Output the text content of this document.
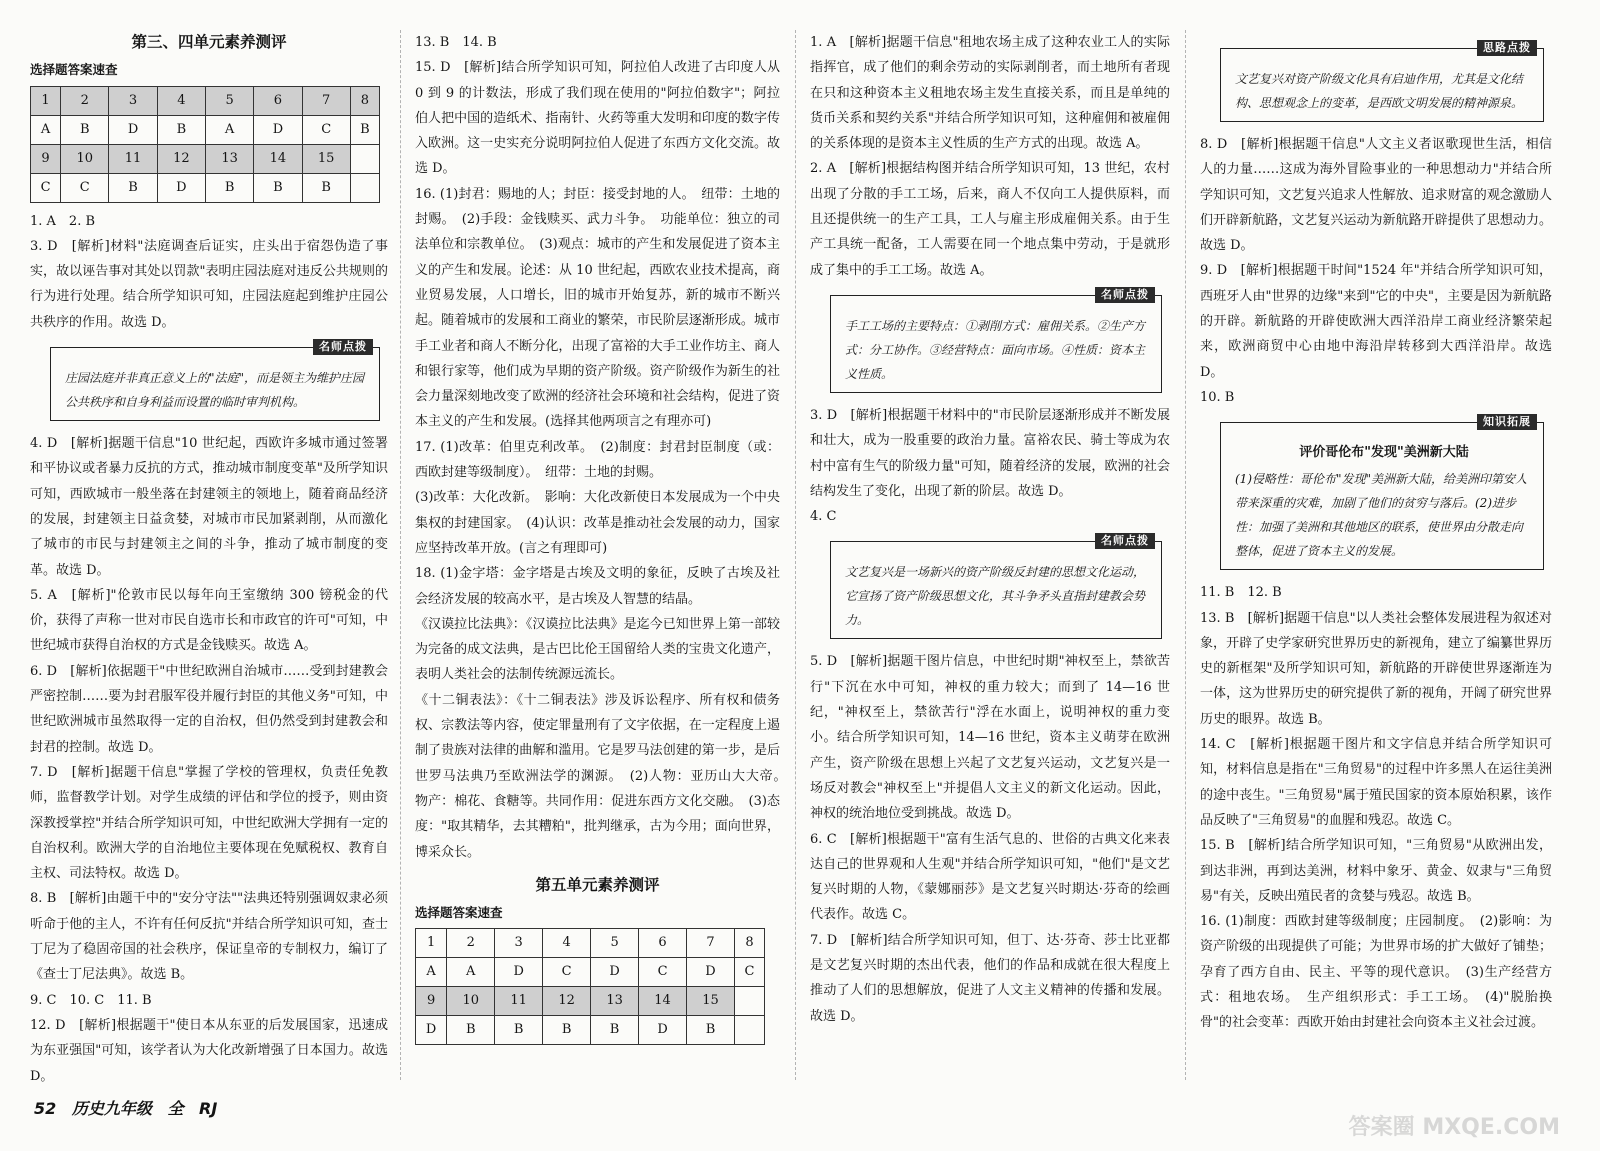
第三、四单元素养测评
选择题答案速查
1	2	3	4	5	6	7	8
A	B	D	B	A	D	C	B
9	10	11	12	13	14	15	
C	C	B	D	B	B	B	

1. A　2. B

3. D　[解析]材料"法庭调查后证实，庄头出于宿怨伪造了事实，故以诬告事对其处以罚款"表明庄园法庭对违反公共规则的行为进行处理。结合所学知识可知，庄园法庭起到维护庄园公共秩序的作用。故选 D。

名师点拨

庄园法庭并非真正意义上的"法庭"，而是领主为维护庄园公共秩序和自身利益而设置的临时审判机构。

4. D　[解析]据题干信息"10 世纪起，西欧许多城市通过签署和平协议或者暴力反抗的方式，推动城市制度变革"及所学知识可知，西欧城市一般坐落在封建领主的领地上，随着商品经济的发展，封建领主日益贪婪，对城市市民加紧剥削，从而激化了城市的市民与封建领主之间的斗争，推动了城市制度的变革。故选 D。

5. A　[解析]"伦敦市民以每年向王室缴纳 300 镑税金的代价，获得了声称一世对市民自选市长和市政官的许可"可知，中世纪城市获得自治权的方式是金钱赎买。故选 A。

6. D　[解析]依据题干"中世纪欧洲自治城市……受到封建教会严密控制……要为封君服军役并履行封臣的其他义务"可知，中世纪欧洲城市虽然取得一定的自治权，但仍然受到封建教会和封君的控制。故选 D。

7. D　[解析]据题干信息"掌握了学校的管理权，负责任免教师，监督教学计划。对学生成绩的评估和学位的授予，则由资深教授掌控"并结合所学知识可知，中世纪欧洲大学拥有一定的自治权利。欧洲大学的自治地位主要体现在免赋税权、教育自主权、司法特权。故选 D。

8. B　[解析]由题干中的"安分守法""法典还特别强调奴隶必须听命于他的主人，不许有任何反抗"并结合所学知识可知，查士丁尼为了稳固帝国的社会秩序，保证皇帝的专制权力，编订了《查士丁尼法典》。故选 B。

9. C　10. C　11. B

12. D　[解析]根据题干"使日本从东亚的后发展国家，迅速成为东亚强国"可知，该学者认为大化改新增强了日本国力。故选 D。

13. B　14. B

15. D　[解析]结合所学知识可知，阿拉伯人改进了古印度人从 0 到 9 的计数法，形成了我们现在使用的"阿拉伯数字"；阿拉伯人把中国的造纸术、指南针、火药等重大发明和印度的数字传入欧洲。这一史实充分说明阿拉伯人促进了东西方文化交流。故选 D。

16. (1)封君：赐地的人；封臣：接受封地的人。　纽带：土地的封赐。　(2)手段：金钱赎买、武力斗争。　功能单位：独立的司法单位和宗教单位。　(3)观点：城市的产生和发展促进了资本主义的产生和发展。论述：从 10 世纪起，西欧农业技术提高，商业贸易发展，人口增长，旧的城市开始复苏，新的城市不断兴起。随着城市的发展和工商业的繁荣，市民阶层逐渐形成。城市手工业者和商人不断分化，出现了富裕的大手工业作坊主、商人和银行家等，他们成为早期的资产阶级。资产阶级作为新生的社会力量深刻地改变了欧洲的经济社会环境和社会结构，促进了资本主义的产生和发展。(选择其他两项言之有理亦可)

17. (1)改革：伯里克利改革。　(2)制度：封君封臣制度（或：西欧封建等级制度）。　纽带：土地的封赐。

(3)改革：大化改新。　影响：大化改新使日本发展成为一个中央集权的封建国家。　(4)认识：改革是推动社会发展的动力，国家应坚持改革开放。(言之有理即可)

18. (1)金字塔：金字塔是古埃及文明的象征，反映了古埃及社会经济发展的较高水平，是古埃及人智慧的结晶。

《汉谟拉比法典》：《汉谟拉比法典》是迄今已知世界上第一部较为完备的成文法典，是古巴比伦王国留给人类的宝贵文化遗产，表明人类社会的法制传统源远流长。

《十二铜表法》：《十二铜表法》涉及诉讼程序、所有权和债务权、宗教法等内容，使定罪量刑有了文字依据，在一定程度上遏制了贵族对法律的曲解和滥用。它是罗马法创建的第一步，是后世罗马法典乃至欧洲法学的渊源。　(2)人物：亚历山大大帝。　物产：棉花、食糖等。共同作用：促进东西方文化交融。　(3)态度："取其精华，去其糟粕"，批判继承，古为今用；面向世界，博采众长。

第五单元素养测评
选择题答案速查
1	2	3	4	5	6	7	8
A	A	D	C	D	C	D	C
9	10	11	12	13	14	15	
D	B	B	B	B	D	B	

1. A　[解析]据题干信息"租地农场主成了这种农业工人的实际指挥官，成了他们的剩余劳动的实际剥削者，而土地所有者现在只和这种资本主义租地农场主发生直接关系，而且是单纯的货币关系和契约关系"并结合所学知识可知，这种雇佣和被雇佣的关系体现的是资本主义性质的生产方式的出现。故选 A。

2. A　[解析]根据结构图并结合所学知识可知，13 世纪，农村出现了分散的手工工场，后来，商人不仅向工人提供原料，而且还提供统一的生产工具，工人与雇主形成雇佣关系。由于生产工具统一配备，工人需要在同一个地点集中劳动，于是就形成了集中的手工工场。故选 A。

名师点拨

手工工场的主要特点：①剥削方式：雇佣关系。②生产方式：分工协作。③经营特点：面向市场。④性质：资本主义性质。

3. D　[解析]根据题干材料中的"市民阶层逐渐形成并不断发展和壮大，成为一股重要的政治力量。富裕农民、骑士等成为农村中富有生气的阶级力量"可知，随着经济的发展，欧洲的社会结构发生了变化，出现了新的阶层。故选 D。

4. C

名师点拨

文艺复兴是一场新兴的资产阶级反封建的思想文化运动，它宣扬了资产阶级思想文化，其斗争矛头直指封建教会势力。

5. D　[解析]据题干图片信息，中世纪时期"神权至上，禁欲苦行"下沉在水中可知，神权的重力较大；而到了 14—16 世纪，"神权至上，禁欲苦行"浮在水面上，说明神权的重力变小。结合所学知识可知，14—16 世纪，资本主义萌芽在欧洲产生，资产阶级在思想上兴起了文艺复兴运动，文艺复兴是一场反对教会"神权至上"并提倡人文主义的新文化运动。因此，神权的统治地位受到挑战。故选 D。

6. C　[解析]根据题干"富有生活气息的、世俗的古典文化来表达自己的世界观和人生观"并结合所学知识可知，"他们"是文艺复兴时期的人物，《蒙娜丽莎》是文艺复兴时期达·芬奇的绘画代表作。故选 C。

7. D　[解析]结合所学知识可知，但丁、达·芬奇、莎士比亚都是文艺复兴时期的杰出代表，他们的作品和成就在很大程度上推动了人们的思想解放，促进了人文主义精神的传播和发展。故选 D。

思路点拨

文艺复兴对资产阶级文化具有启迪作用，尤其是文化结构、思想观念上的变革，是西欧文明发展的精神源泉。

8. D　[解析]根据题干信息"人文主义者讴歌现世生活，相信人的力量……这成为海外冒险事业的一种思想动力"并结合所学知识可知，文艺复兴追求人性解放、追求财富的观念激励人们开辟新航路，文艺复兴运动为新航路开辟提供了思想动力。故选 D。

9. D　[解析]根据题干时间"1524 年"并结合所学知识可知，西班牙人由"世界的边缘"来到"它的中央"，主要是因为新航路的开辟。新航路的开辟使欧洲大西洋沿岸工商业经济繁荣起来，欧洲商贸中心由地中海沿岸转移到大西洋沿岸。故选 D。

10. B

知识拓展
评价哥伦布"发现"美洲新大陆

(1)侵略性：哥伦布"发现"美洲新大陆，给美洲印第安人带来深重的灾难，加剧了他们的贫穷与落后。(2)进步性：加强了美洲和其他地区的联系，使世界由分散走向整体，促进了资本主义的发展。

11. B　12. B

13. B　[解析]据题干信息"以人类社会整体发展进程为叙述对象，开辟了史学家研究世界历史的新视角，建立了编纂世界历史的新框架"及所学知识可知，新航路的开辟使世界逐渐连为一体，这为世界历史的研究提供了新的视角，开阔了研究世界历史的眼界。故选 B。

14. C　[解析]根据题干图片和文字信息并结合所学知识可知，材料信息是指在"三角贸易"的过程中许多黑人在运往美洲的途中丧生。"三角贸易"属于殖民国家的资本原始积累，该作品反映了"三角贸易"的血腥和残忍。故选 C。

15. B　[解析]结合所学知识可知，"三角贸易"从欧洲出发，到达非洲，再到达美洲，材料中象牙、黄金、奴隶与"三角贸易"有关，反映出殖民者的贪婪与残忍。故选 B。

16. (1)制度：西欧封建等级制度；庄园制度。　(2)影响：为资产阶级的出现提供了可能；为世界市场的扩大做好了铺垫；孕育了西方自由、民主、平等的现代意识。　(3)生产经营方式：租地农场。　生产组织形式：手工工场。　(4)"脱胎换骨"的社会变革：西欧开始由封建社会向资本主义社会过渡。

52 历史九年级 全 RJ
答案圈 MXQE.COM
